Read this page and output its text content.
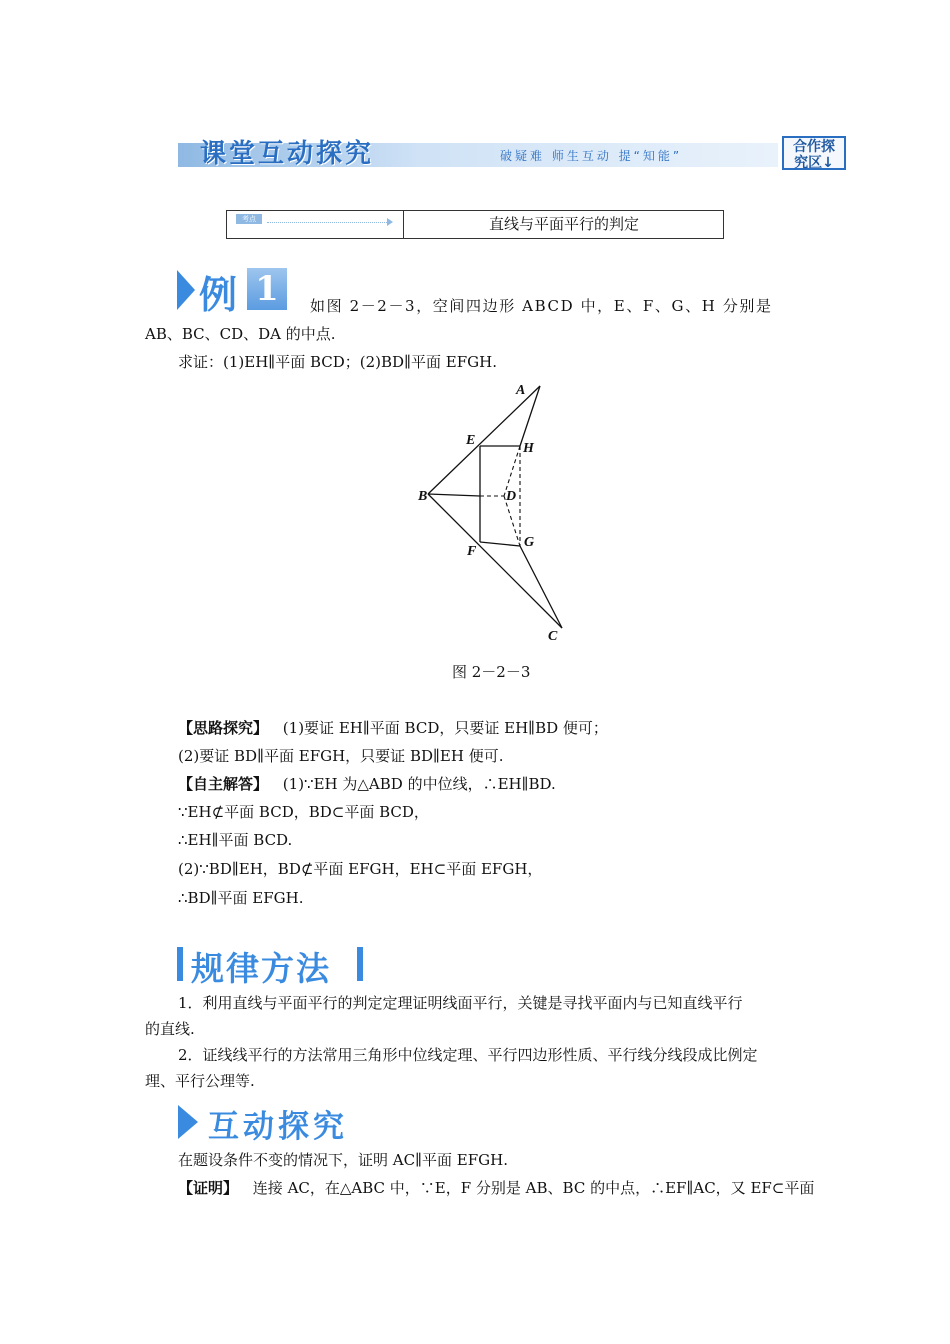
课堂互动探究	破疑难 师生互动 提“知能”
合作探
究区↓
考点	直线与平面平行的判定
例 1	如图 2－2－3，空间四边形 ABCD 中，E、F、G、H 分别是
AB、BC、CD、DA 的中点.
求证：(1)EH∥平面 BCD；(2)BD∥平面 EFGH.
A
B
C
D
E
F
G
H
图 2－2－3
【思路探究】 (1)要证 EH∥平面 BCD，只要证 EH∥BD 便可；
(2)要证 BD∥平面 EFGH，只要证 BD∥EH 便可.
【自主解答】 (1)∵EH 为△ABD 的中位线，∴EH∥BD.
∵EH⊄平面 BCD，BD⊂平面 BCD，
∴EH∥平面 BCD.
(2)∵BD∥EH，BD⊄平面 EFGH，EH⊂平面 EFGH，
∴BD∥平面 EFGH.
规律方法
1．利用直线与平面平行的判定定理证明线面平行，关键是寻找平面内与已知直线平行
的直线.
2．证线线平行的方法常用三角形中位线定理、平行四边形性质、平行线分线段成比例定
理、平行公理等.
互动探究
在题设条件不变的情况下，证明 AC∥平面 EFGH.
【证明】 连接 AC，在△ABC 中，∵E，F 分别是 AB、BC 的中点，∴EF∥AC，又 EF⊂平面
